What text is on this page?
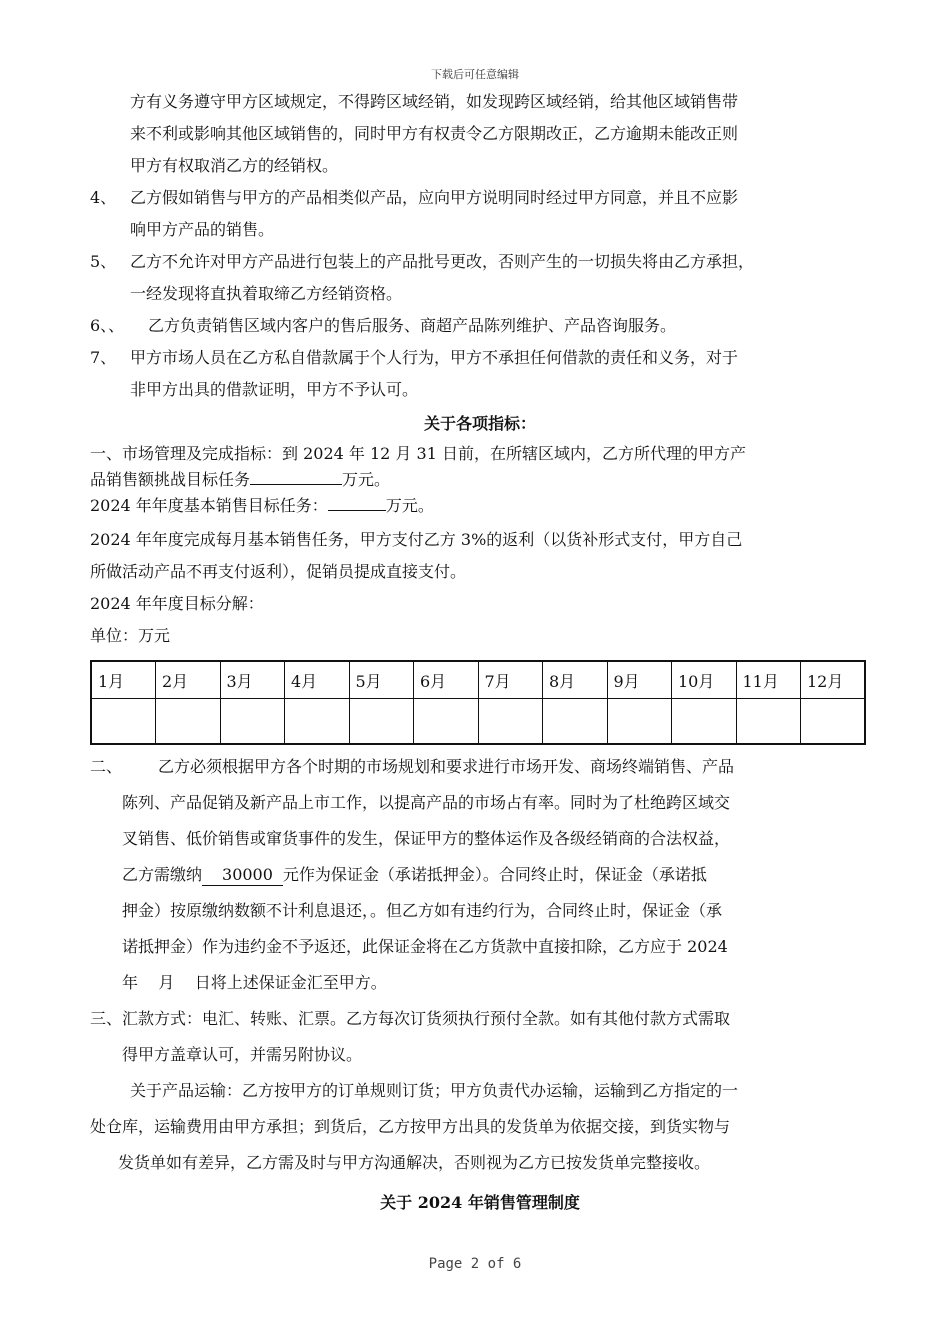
下载后可任意编辑
方有义务遵守甲方区域规定，不得跨区域经销，如发现跨区域经销，给其他区域销售带
来不利或影响其他区域销售的，同时甲方有权责令乙方限期改正，乙方逾期未能改正则
甲方有权取消乙方的经销权。
4、 乙方假如销售与甲方的产品相类似产品，应向甲方说明同时经过甲方同意，并且不应影
响甲方产品的销售。
5、 乙方不允许对甲方产品进行包装上的产品批号更改，否则产生的一切损失将由乙方承担，
一经发现将直执着取缔乙方经销资格。
6、、	乙方负责销售区域内客户的售后服务、商超产品陈列维护、产品咨询服务。
7、 甲方市场人员在乙方私自借款属于个人行为，甲方不承担任何借款的责任和义务，对于
非甲方出具的借款证明，甲方不予认可。
关于各项指标：
一、市场管理及完成指标：到 2024 年 12 月 31 日前，在所辖区域内，乙方所代理的甲方产
品销售额挑战目标任务	万元。
2024 年年度基本销售目标任务：	万元。
2024 年年度完成每月基本销售任务，甲方支付乙方 3%的返利（以货补形式支付，甲方自己
所做活动产品不再支付返利），促销员提成直接支付。
2024 年年度目标分解：
单位：万元
1月	2月	3月	4月	5月	6月	7月	8月	9月	10月	11月	12月

二、	乙方必须根据甲方各个时期的市场规划和要求进行市场开发、商场终端销售、产品
陈列、产品促销及新产品上市工作，以提高产品的市场占有率。同时为了杜绝跨区域交
叉销售、低价销售或窜货事件的发生，保证甲方的整体运作及各级经销商的合法权益，
乙方需缴纳 30000 元作为保证金（承诺抵押金）。合同终止时，保证金（承诺抵
押金）按原缴纳数额不计利息退还，。但乙方如有违约行为，合同终止时，保证金（承
诺抵押金）作为违约金不予返还，此保证金将在乙方货款中直接扣除，乙方应于 2024
年    月    日将上述保证金汇至甲方。
三、 汇款方式：电汇、转账、汇票。乙方每次订货须执行预付全款。如有其他付款方式需取
得甲方盖章认可，并需另附协议。
关于产品运输：乙方按甲方的订单规则订货；甲方负责代办运输，运输到乙方指定的一
处仓库，运输费用由甲方承担；到货后，乙方按甲方出具的发货单为依据交接，到货实物与
发货单如有差异，乙方需及时与甲方沟通解决，否则视为乙方已按发货单完整接收。
关于 2024 年销售管理制度
Page 2 of 6
